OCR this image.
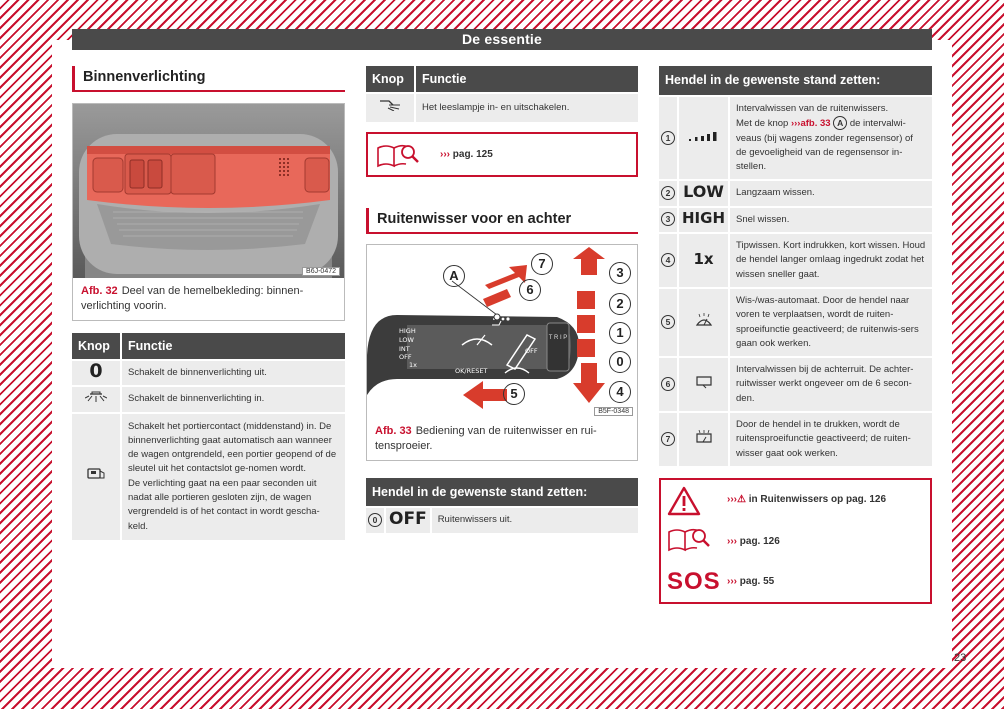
De essentie
Binnenverlichting
B6J-0472
Afb. 32 Deel van de hemelbekleding: binnen-verlichting voorin.
Knop	Functie
0	Schakelt de binnenverlichting uit.
	Schakelt de binnenverlichting in.
	Schakelt het portiercontact (middenstand) in. De binnenverlichting gaat automatisch aan wanneer de wagen ontgrendeld, een portier geopend of de sleutel uit het contactslot ge-nomen wordt.
De verlichting gaat na een paar seconden uit nadat alle portieren gesloten zijn, de wagen vergrendeld is of het contact in wordt gescha-keld.
Knop	Functie
	Het leeslampje in- en uitschakelen.
››› pag. 125
Ruitenwisser voor en achter
T R I P
HIGH
LOW
INT
OFF
1x
OK/RESET
OFF
A
7
6
3
2
1
0
4
5
B5F-0348
Afb. 33 Bediening van de ruitenwisser en rui-tensproeier.
Hendel in de gewenste stand zetten:
0	OFF	Ruitenwissers uit.
Hendel in de gewenste stand zetten:
1		Intervalwissen van de ruitenwissers.
Met de knop ›››afb. 33 A de intervalwi-veaus (bij wagens zonder regensensor) of de gevoeligheid van de regensensor in-stellen.
2	LOW	Langzaam wissen.
3	HIGH	Snel wissen.
4	1x	Tipwissen. Kort indrukken, kort wissen. Houd de hendel langer omlaag ingedrukt zodat het wissen sneller gaat.
5		Wis-/was-automaat. Door de hendel naar voren te verplaatsen, wordt de ruiten-sproeifunctie geactiveerd; de ruitenwis-sers gaan ook werken.
6		Intervalwissen bij de achterruit. De achter-ruitwisser werkt ongeveer om de 6 secon-den.
7		Door de hendel in te drukken, wordt de ruitensproeifunctie geactiveerd; de ruiten-wisser gaat ook werken.
›››⚠ in Ruitenwissers op pag. 126
››› pag. 126
SOS ››› pag. 55
23
